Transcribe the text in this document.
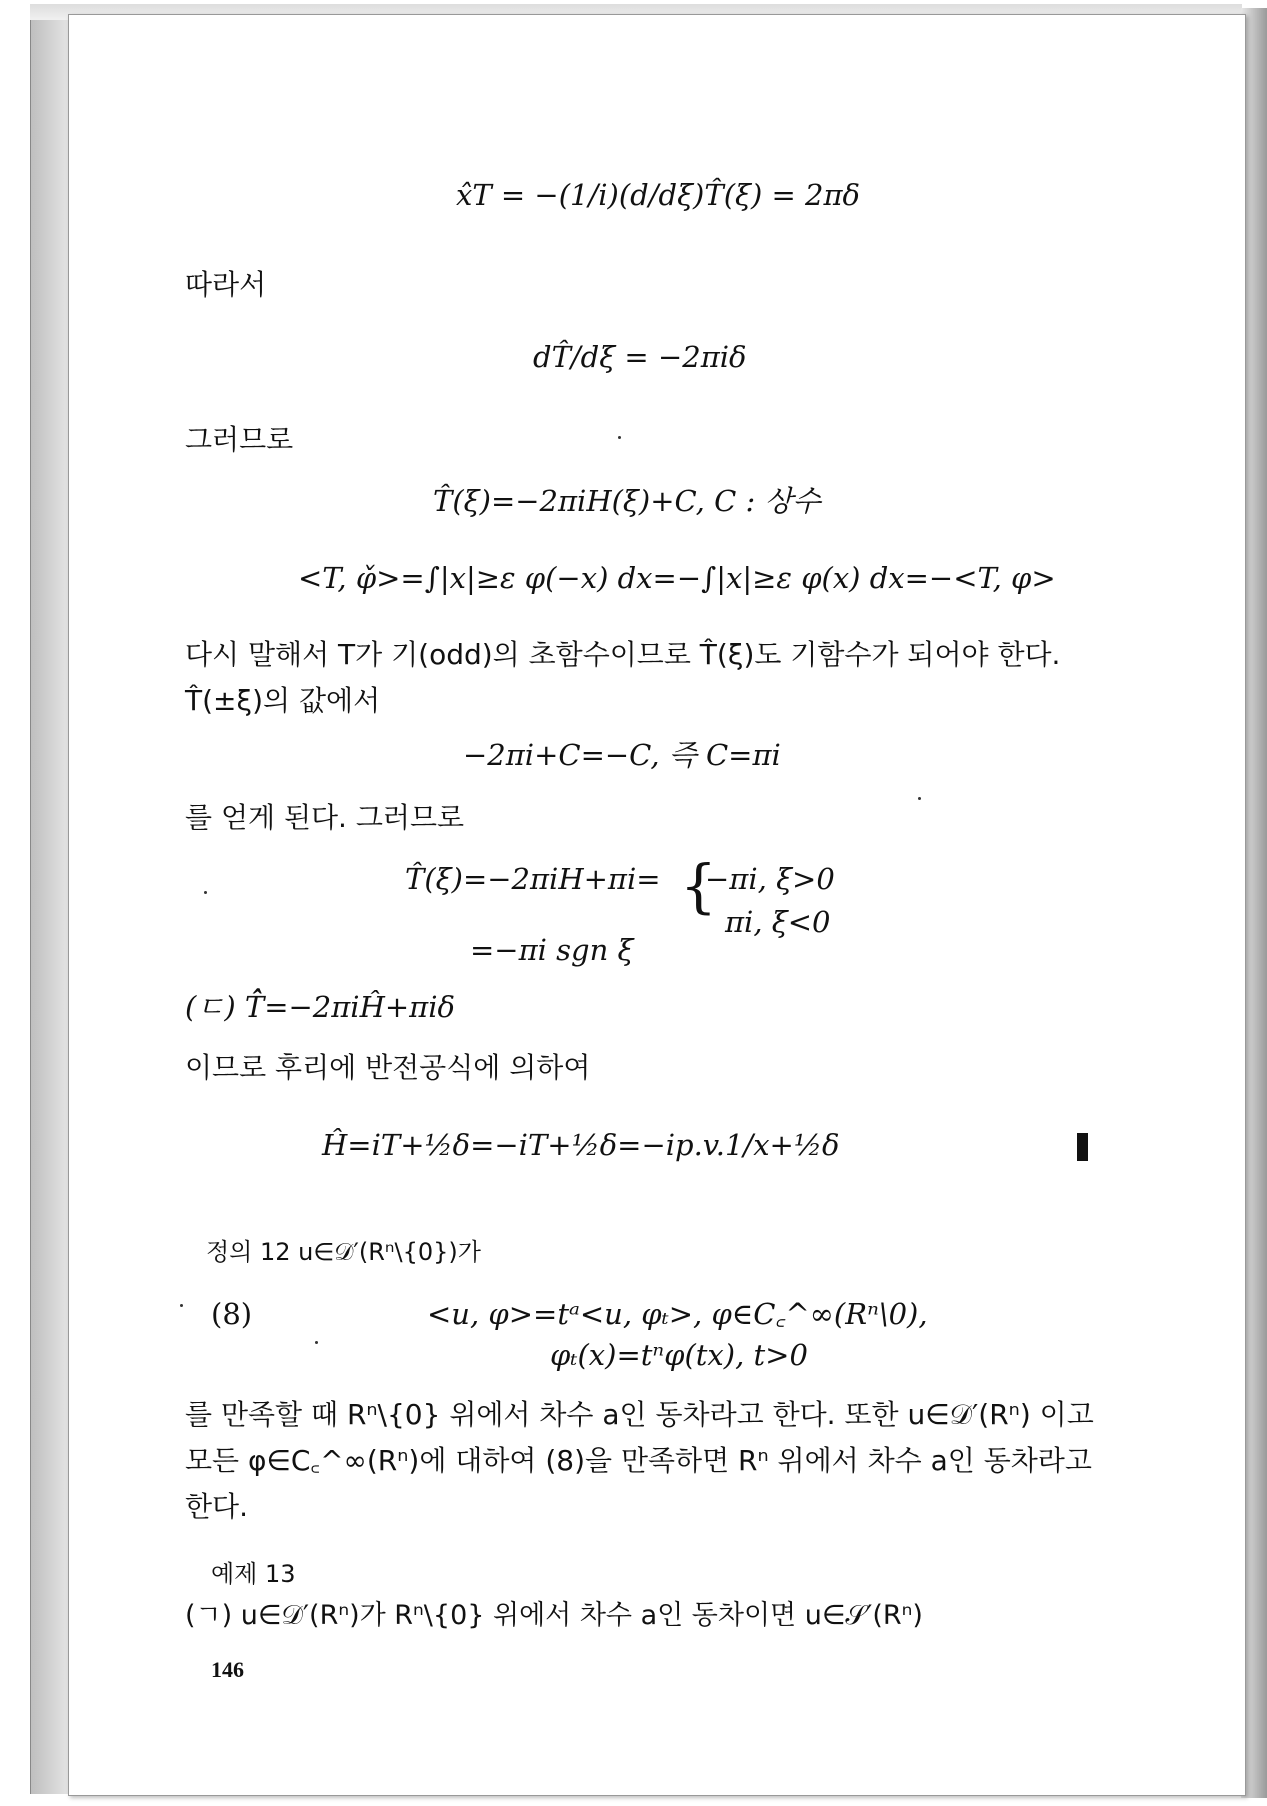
x̂T = −(1/i)(d/dξ)T̂(ξ) = 2πδ
따라서
dT̂/dξ = −2πiδ
그러므로
T̂(ξ)=−2πiH(ξ)+C, C : 상수
<T, φ̌>=∫|x|≥ε φ(−x) dx=−∫|x|≥ε φ(x) dx=−<T, φ>
다시 말해서 T가 기(odd)의 초함수이므로 T̂(ξ)도 기함수가 되어야 한다. T̂(±ξ)의 값에서
−2πi+C=−C, 즉 C=πi
를 얻게 된다. 그러므로
T̂(ξ)=−2πiH+πi= {
−πi, ξ>0
πi, ξ<0
=−πi sgn ξ
(ㄷ) T̂̂=−2πiĤ+πiδ
이므로 후리에 반전공식에 의하여
Ĥ=iT+½δ=−iT+½δ=−ip.v.1/x+½δ
정의 12 u∈𝒟′(Rⁿ\{0})가
(8)	<u, φ>=tᵃ<u, φₜ>, φ∈C꜀^∞(Rⁿ\0),
φₜ(x)=tⁿφ(tx), t>0
를 만족할 때 Rⁿ\{0} 위에서 차수 a인 동차라고 한다. 또한 u∈𝒟′(Rⁿ) 이고 모든 φ∈C꜀^∞(Rⁿ)에 대하여 (8)을 만족하면 Rⁿ 위에서 차수 a인 동차라고 한다.
예제 13
(ㄱ) u∈𝒟′(Rⁿ)가 Rⁿ\{0} 위에서 차수 a인 동차이면 u∈𝒮′(Rⁿ)
146
